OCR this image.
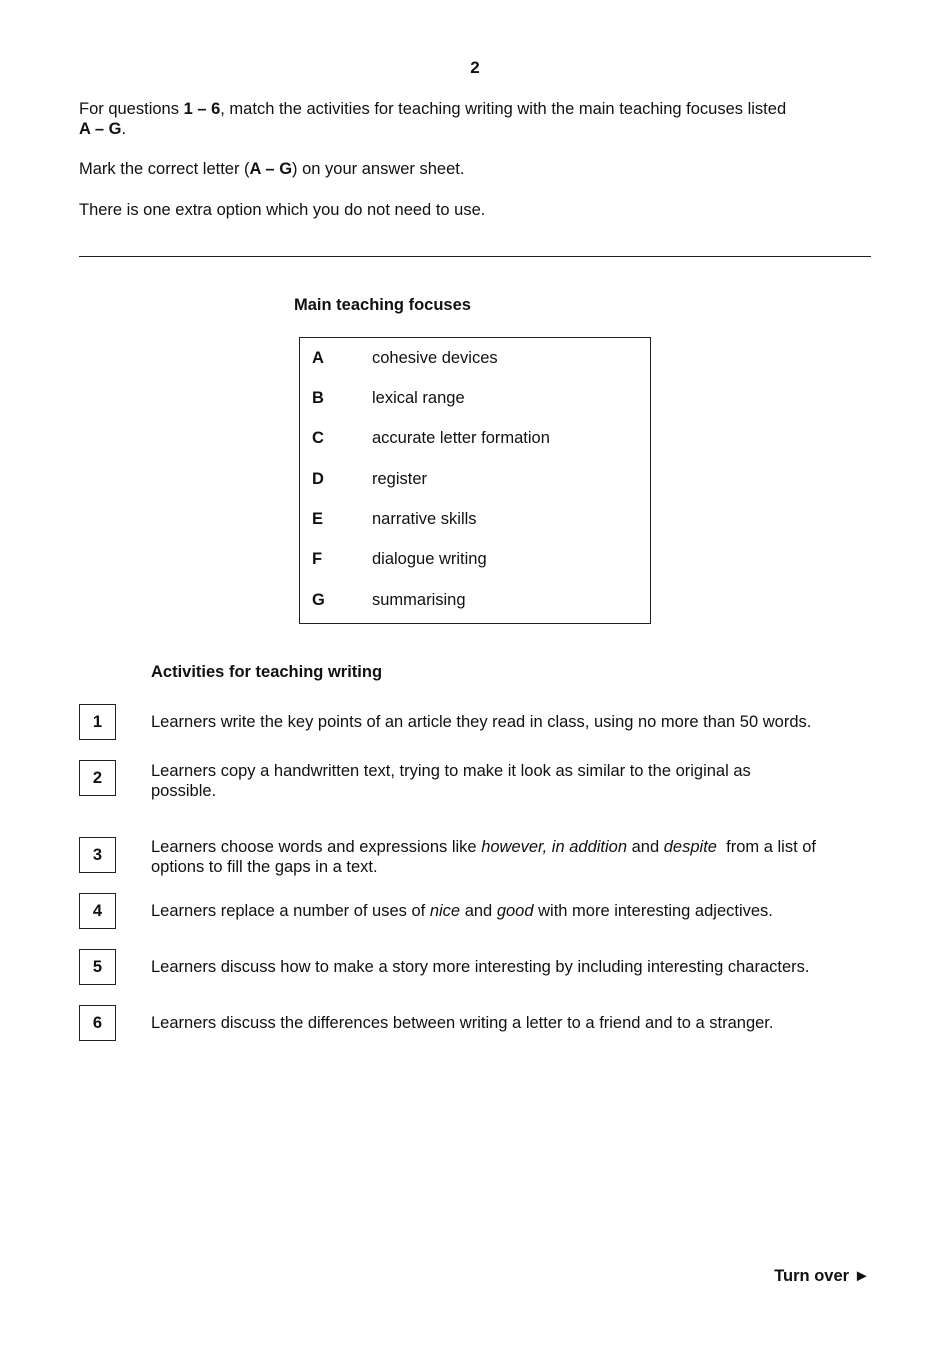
2
For questions 1 – 6, match the activities for teaching writing with the main teaching focuses listed
A – G.
Mark the correct letter (A – G) on your answer sheet.
There is one extra option which you do not need to use.
Main teaching focuses
A	cohesive devices
B	lexical range
C	accurate letter formation
D	register
E	narrative skills
F	dialogue writing
G	summarising
Activities for teaching writing
1	Learners write the key points of an article they read in class, using no more than 50 words.
2	Learners copy a handwritten text, trying to make it look as similar to the original as possible.
3	Learners choose words and expressions like however, in addition and despite  from a list of options to fill the gaps in a text.
4	Learners replace a number of uses of nice and good with more interesting adjectives.
5	Learners discuss how to make a story more interesting by including interesting characters.
6	Learners discuss the differences between writing a letter to a friend and to a stranger.
Turn over ►
